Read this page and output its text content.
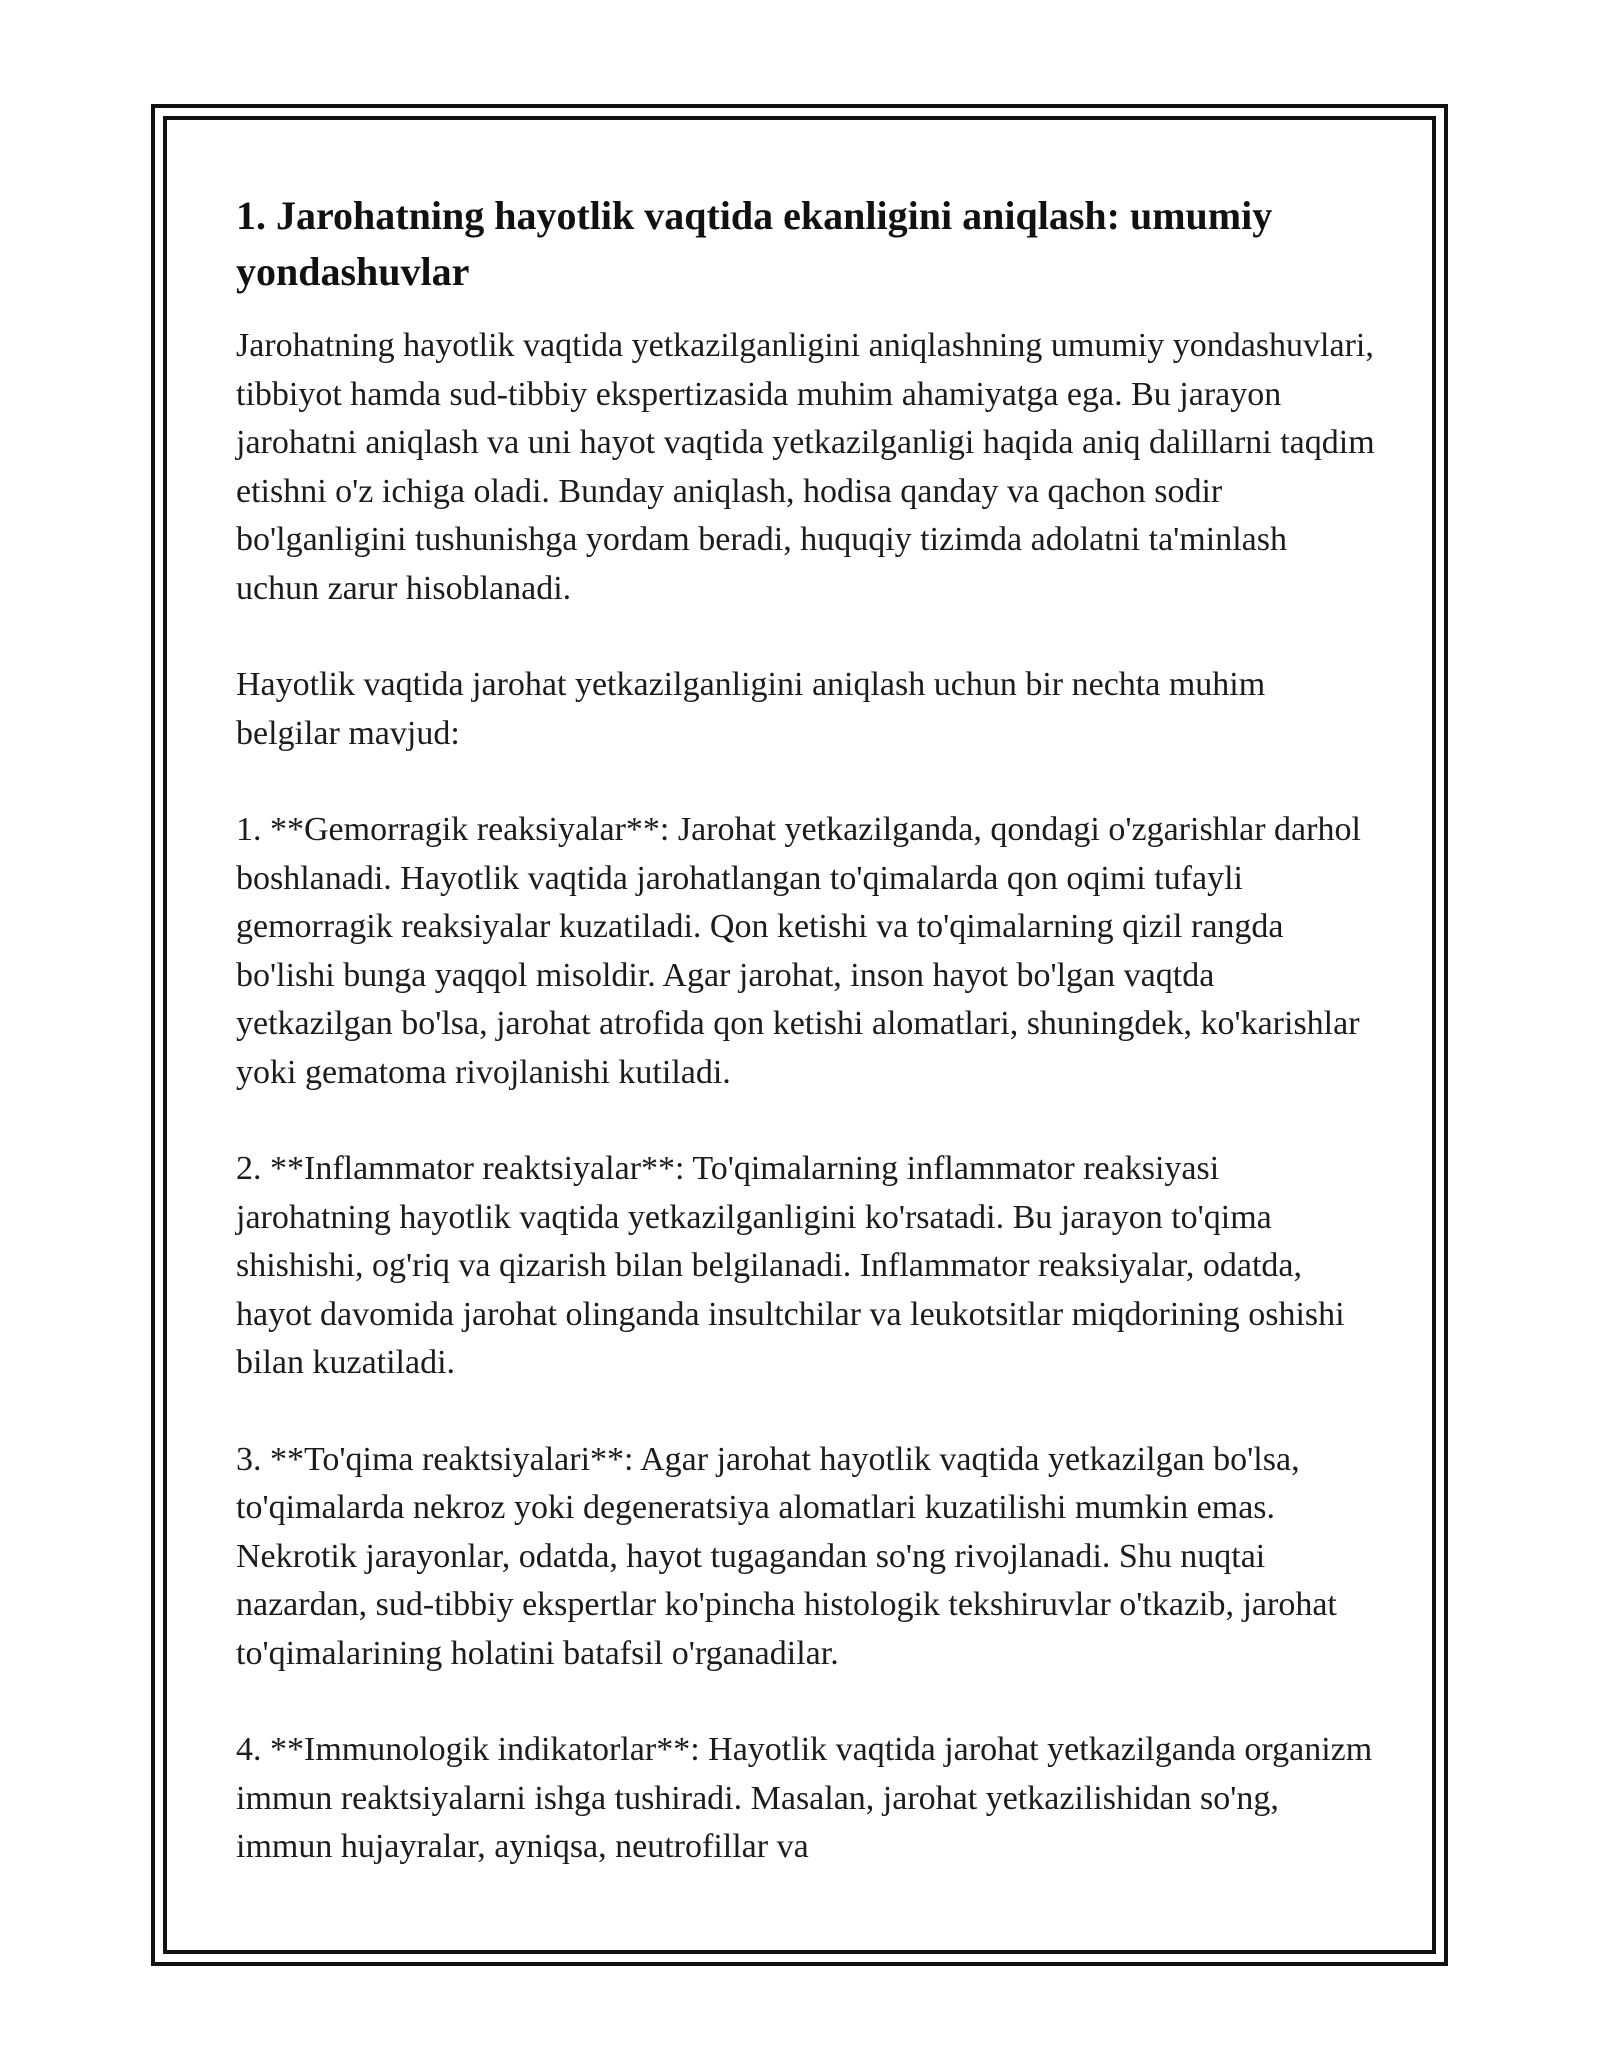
1. Jarohatning hayotlik vaqtida ekanligini aniqlash: umumiy yondashuvlar

Jarohatning hayotlik vaqtida yetkazilganligini aniqlashning umumiy yondashuvlari, tibbiyot hamda sud-tibbiy ekspertizasida muhim ahamiyatga ega. Bu jarayon jarohatni aniqlash va uni hayot vaqtida yetkazilganligi haqida aniq dalillarni taqdim etishni o'z ichiga oladi. Bunday aniqlash, hodisa qanday va qachon sodir bo'lganligini tushunishga yordam beradi, huquqiy tizimda adolatni ta'minlash uchun zarur hisoblanadi.

Hayotlik vaqtida jarohat yetkazilganligini aniqlash uchun bir nechta muhim belgilar mavjud:

1. **Gemorragik reaksiyalar**: Jarohat yetkazilganda, qondagi o'zgarishlar darhol boshlanadi. Hayotlik vaqtida jarohatlangan to'qimalarda qon oqimi tufayli gemorragik reaksiyalar kuzatiladi. Qon ketishi va to'qimalarning qizil rangda bo'lishi bunga yaqqol misoldir. Agar jarohat, inson hayot bo'lgan vaqtda yetkazilgan bo'lsa, jarohat atrofida qon ketishi alomatlari, shuningdek, ko'karishlar yoki gematoma rivojlanishi kutiladi.

2. **Inflammator reaktsiyalar**: To'qimalarning inflammator reaksiyasi jarohatning hayotlik vaqtida yetkazilganligini ko'rsatadi. Bu jarayon to'qima shishishi, og'riq va qizarish bilan belgilanadi. Inflammator reaksiyalar, odatda, hayot davomida jarohat olinganda insultchilar va leukotsitlar miqdorining oshishi bilan kuzatiladi.

3. **To'qima reaktsiyalari**: Agar jarohat hayotlik vaqtida yetkazilgan bo'lsa, to'qimalarda nekroz yoki degeneratsiya alomatlari kuzatilishi mumkin emas. Nekrotik jarayonlar, odatda, hayot tugagandan so'ng rivojlanadi. Shu nuqtai nazardan, sud-tibbiy ekspertlar ko'pincha histologik tekshiruvlar o'tkazib, jarohat to'qimalarining holatini batafsil o'rganadilar.

4. **Immunologik indikatorlar**: Hayotlik vaqtida jarohat yetkazilganda organizm immun reaktsiyalarni ishga tushiradi. Masalan, jarohat yetkazilishidan so'ng, immun hujayralar, ayniqsa, neutrofillar va
